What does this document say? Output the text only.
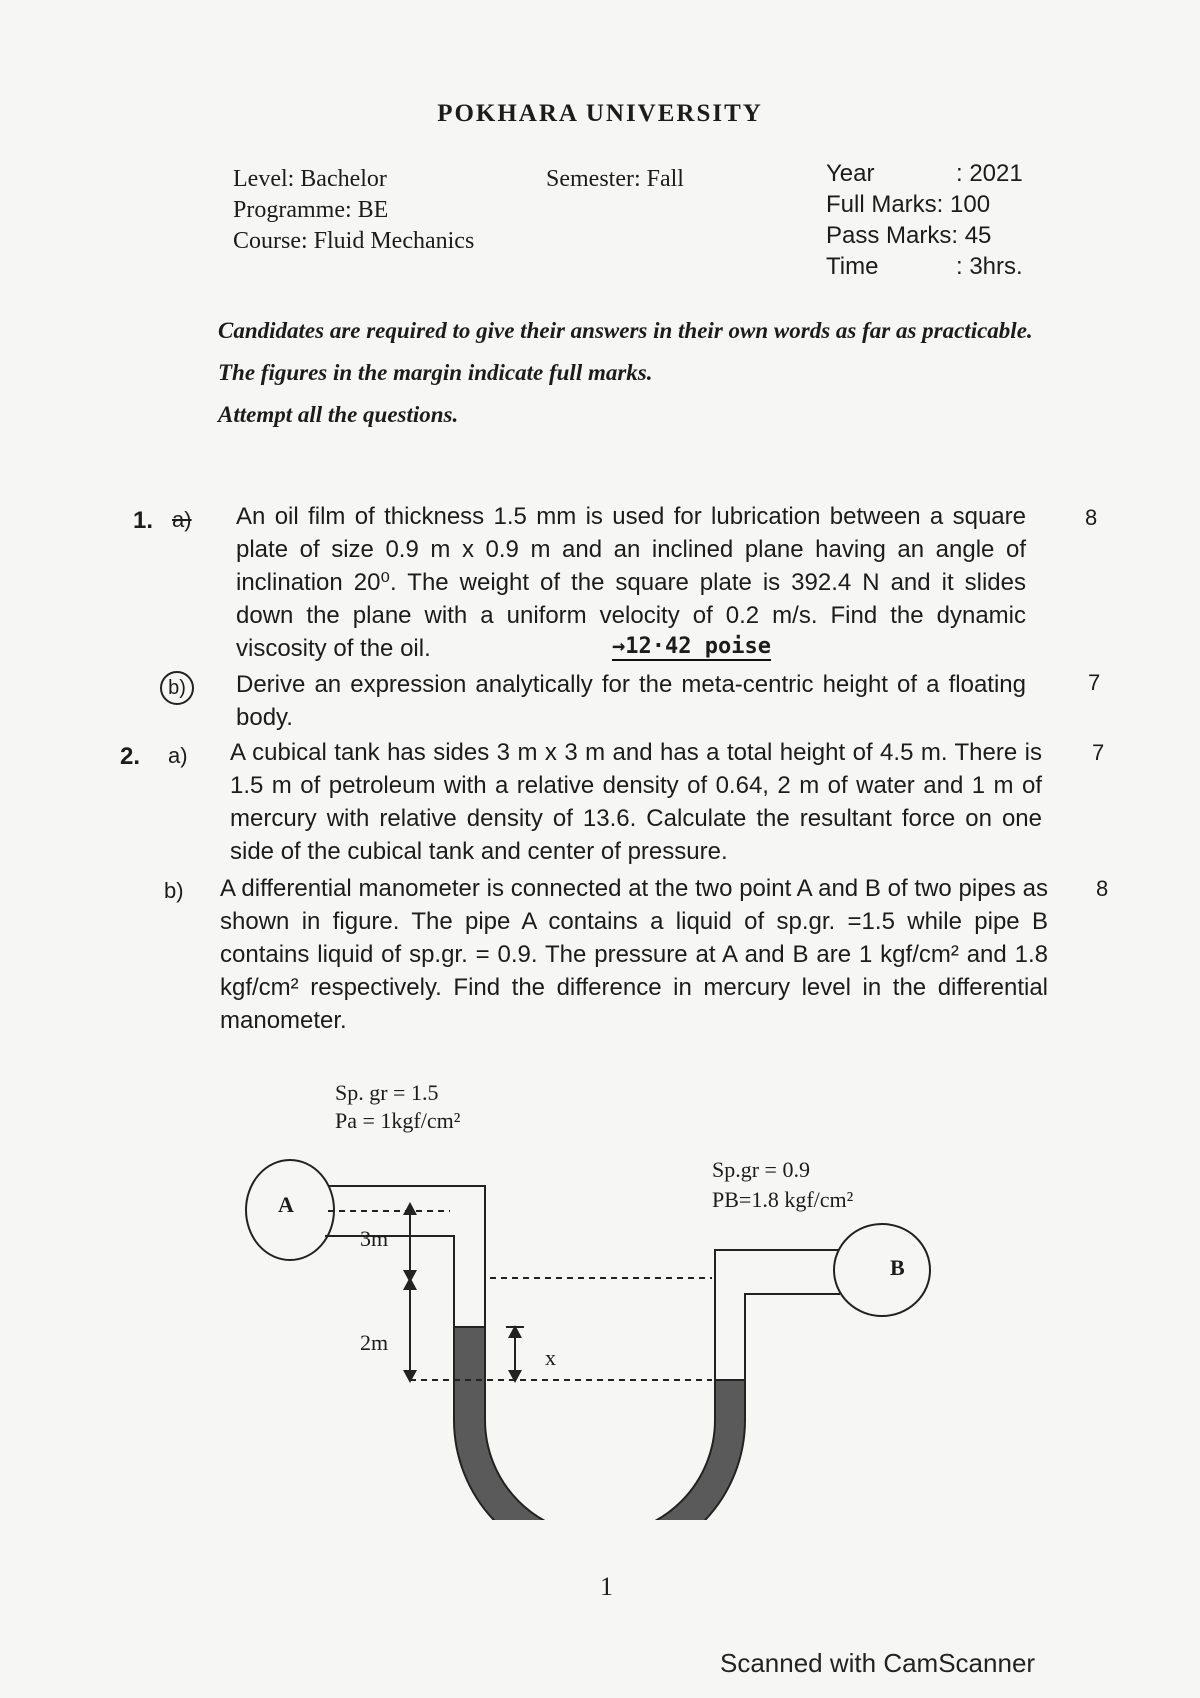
POKHARA UNIVERSITY
Level: Bachelor
Programme: BE
Course: Fluid Mechanics
Semester: Fall	Year	: 2021
Full Marks: 100
Pass Marks: 45
Time	: 3hrs.

Candidates are required to give their answers in their own words as far as practicable.

The figures in the margin indicate full marks.

Attempt all the questions.

1. a) An oil film of thickness 1.5 mm is used for lubrication between a square plate of size 0.9 m x 0.9 m and an inclined plane having an angle of inclination 20⁰. The weight of the square plate is 392.4 N and it slides down the plane with a uniform velocity of 0.2 m/s. Find the dynamic viscosity of the oil.
8
→12·42 poise
b)	Derive an expression analytically for the meta-centric height of a floating body.
7
2. a) A cubical tank has sides 3 m x 3 m and has a total height of 4.5 m. There is 1.5 m of petroleum with a relative density of 0.64, 2 m of water and 1 m of mercury with relative density of 13.6. Calculate the resultant force on one side of the cubical tank and center of pressure.
7
b) A differential manometer is connected at the two point A and B of two pipes as shown in figure. The pipe A contains a liquid of sp.gr. =1.5 while pipe B contains liquid of sp.gr. = 0.9. The pressure at A and B are 1 kgf/cm² and 1.8 kgf/cm² respectively. Find the difference in mercury level in the differential manometer.
8
Sp. gr = 1.5
Pa = 1kgf/cm²
Sp.gr = 0.9
PB=1.8 kgf/cm²
A
B
3m
2m
x
1
Scanned with CamScanner
